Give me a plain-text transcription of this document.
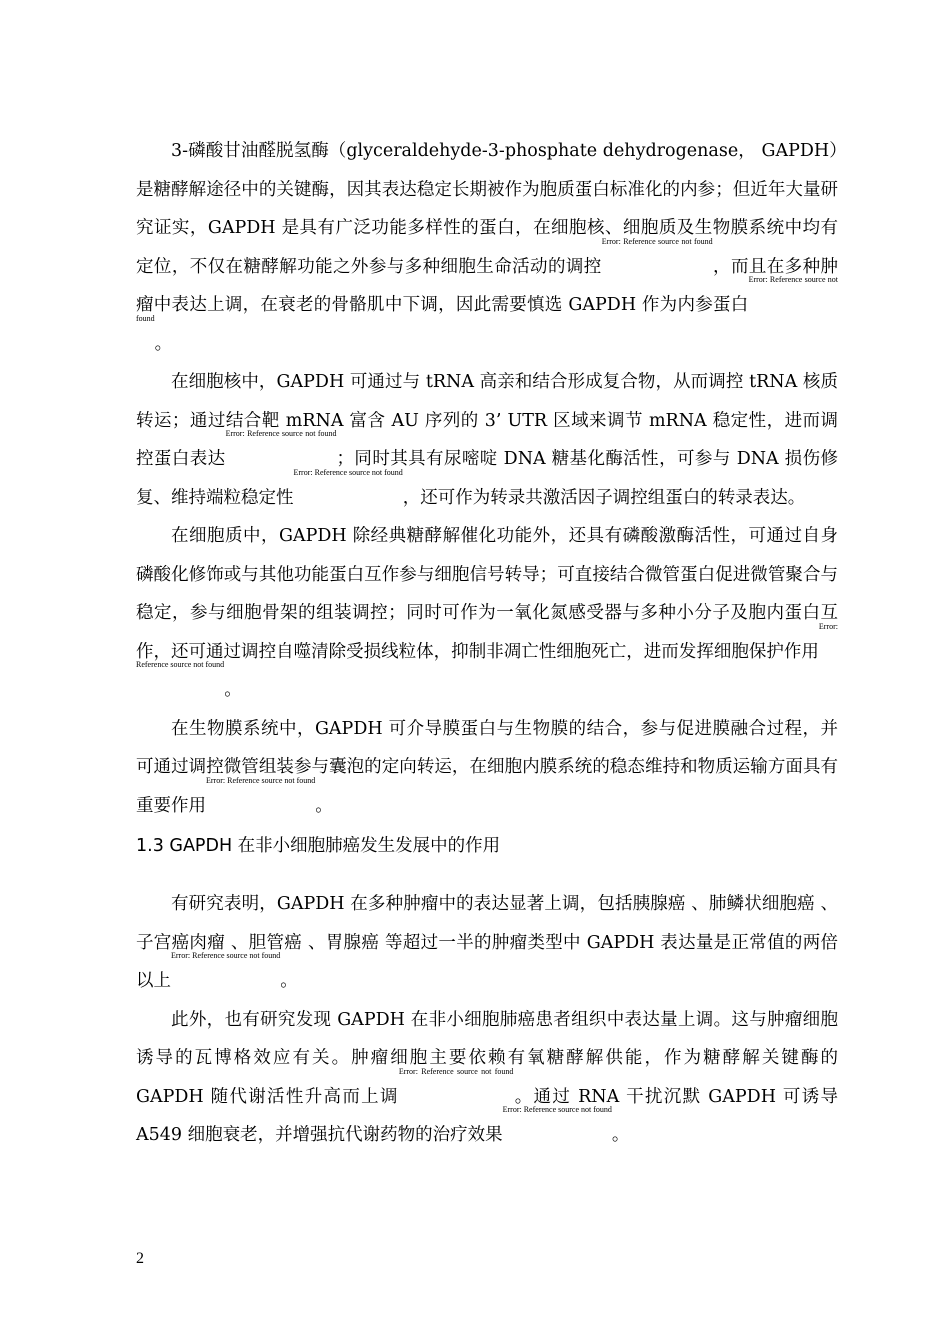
3-磷酸甘油醛脱氢酶（glyceraldehyde-3-phosphate dehydrogenase， GAPDH）是糖酵解途径中的关键酶，因其表达稳定长期被作为胞质蛋白标准化的内参；但近年大量研究证实，GAPDH 是具有广泛功能多样性的蛋白，在细胞核、细胞质及生物膜系统中均有定位，不仅在糖酵解功能之外参与多种细胞生命活动的调控$^{Error: Reference source not found}$，而且在多种肿瘤中表达上调，在衰老的骨骼肌中下调，因此需要慎选 GAPDH 作为内参蛋白$^{Error: Reference source not found}$。

在细胞核中，GAPDH 可通过与 tRNA 高亲和结合形成复合物，从而调控 tRNA 核质转运；通过结合靶 mRNA 富含 AU 序列的 3’ UTR 区域来调节 mRNA 稳定性，进而调控蛋白表达$^{Error: Reference source not found}$；同时其具有尿嘧啶 DNA 糖基化酶活性，可参与 DNA 损伤修复、维持端粒稳定性$^{Error: Reference source not found}$，还可作为转录共激活因子调控组蛋白的转录表达。

在细胞质中，GAPDH 除经典糖酵解催化功能外，还具有磷酸激酶活性，可通过自身磷酸化修饰或与其他功能蛋白互作参与细胞信号转导；可直接结合微管蛋白促进微管聚合与稳定，参与细胞骨架的组装调控；同时可作为一氧化氮感受器与多种小分子及胞内蛋白互作，还可通过调控自噬清除受损线粒体，抑制非凋亡性细胞死亡，进而发挥细胞保护作用$^{Error: Reference source not found}$。

在生物膜系统中，GAPDH 可介导膜蛋白与生物膜的结合，参与促进膜融合过程，并可通过调控微管组装参与囊泡的定向转运，在细胞内膜系统的稳态维持和物质运输方面具有重要作用$^{Error: Reference source not found}$。

1.3 GAPDH 在非小细胞肺癌发生发展中的作用

有研究表明，GAPDH 在多种肿瘤中的表达显著上调，包括胰腺癌 、肺鳞状细胞癌 、子宫癌肉瘤 、胆管癌 、胃腺癌 等超过一半的肿瘤类型中 GAPDH 表达量是正常值的两倍以上$^{Error: Reference source not found}$。

此外，也有研究发现 GAPDH 在非小细胞肺癌患者组织中表达量上调。这与肿瘤细胞诱导的瓦博格效应有关。肿瘤细胞主要依赖有氧糖酵解供能，作为糖酵解关键酶的 GAPDH 随代谢活性升高而上调$^{Error: Reference source not found}$。通过 RNA 干扰沉默 GAPDH 可诱导 A549 细胞衰老，并增强抗代谢药物的治疗效果$^{Error: Reference source not found}$。

2
